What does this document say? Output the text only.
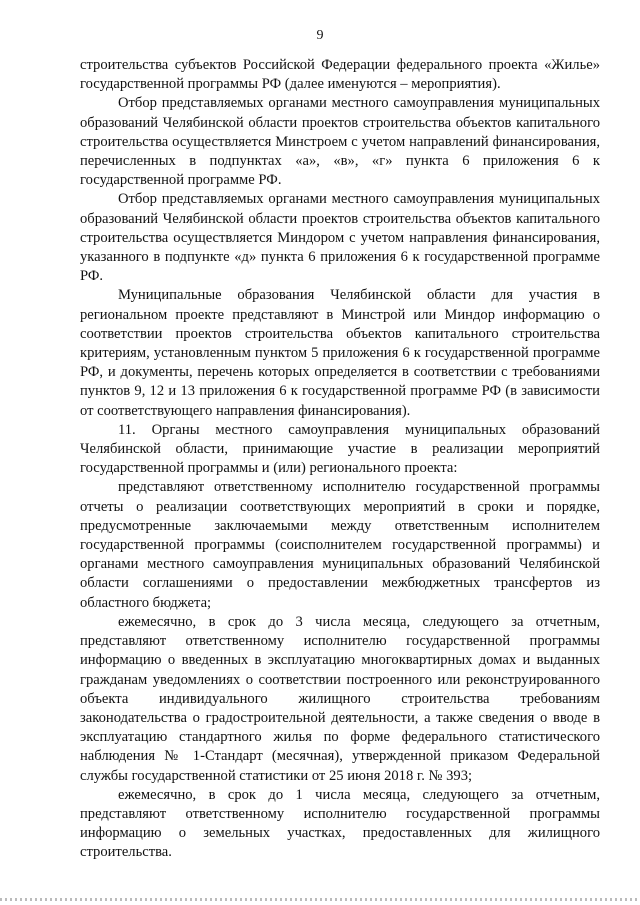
9

строительства субъектов Российской Федерации федерального проекта «Жилье» государственной программы РФ (далее именуются – мероприятия).

Отбор представляемых органами местного самоуправления муниципальных образований Челябинской области проектов строительства объектов капитального строительства осуществляется Минстроем с учетом направлений финансирования, перечисленных в подпунктах «а», «в», «г» пункта 6 приложения 6 к государственной программе РФ.

Отбор представляемых органами местного самоуправления муниципальных образований Челябинской области проектов строительства объектов капитального строительства осуществляется Миндором с учетом направления финансирования, указанного в подпункте «д» пункта 6 приложения 6 к государственной программе РФ.

Муниципальные образования Челябинской области для участия в региональном проекте представляют в Минстрой или Миндор информацию о соответствии проектов строительства объектов капитального строительства критериям, установленным пунктом 5 приложения 6 к государственной программе РФ, и документы, перечень которых определяется в соответствии с требованиями пунктов 9, 12 и 13 приложения 6 к государственной программе РФ (в зависимости от соответствующего направления финансирования).

11. Органы местного самоуправления муниципальных образований Челябинской области, принимающие участие в реализации мероприятий государственной программы и (или) регионального проекта:

представляют ответственному исполнителю государственной программы отчеты о реализации соответствующих мероприятий в сроки и порядке, предусмотренные заключаемыми между ответственным исполнителем государственной программы (соисполнителем государственной программы) и органами местного самоуправления муниципальных образований Челябинской области соглашениями о предоставлении межбюджетных трансфертов из областного бюджета;

ежемесячно, в срок до 3 числа месяца, следующего за отчетным, представляют ответственному исполнителю государственной программы информацию о введенных в эксплуатацию многоквартирных домах и выданных гражданам уведомлениях о соответствии построенного или реконструированного объекта индивидуального жилищного строительства требованиям законодательства о градостроительной деятельности, а также сведения о вводе в эксплуатацию стандартного жилья по форме федерального статистического наблюдения № 1-Стандарт (месячная), утвержденной приказом Федеральной службы государственной статистики от 25 июня 2018 г. № 393;

ежемесячно, в срок до 1 числа месяца, следующего за отчетным, представляют ответственному исполнителю государственной программы информацию о земельных участках, предоставленных для жилищного строительства.
